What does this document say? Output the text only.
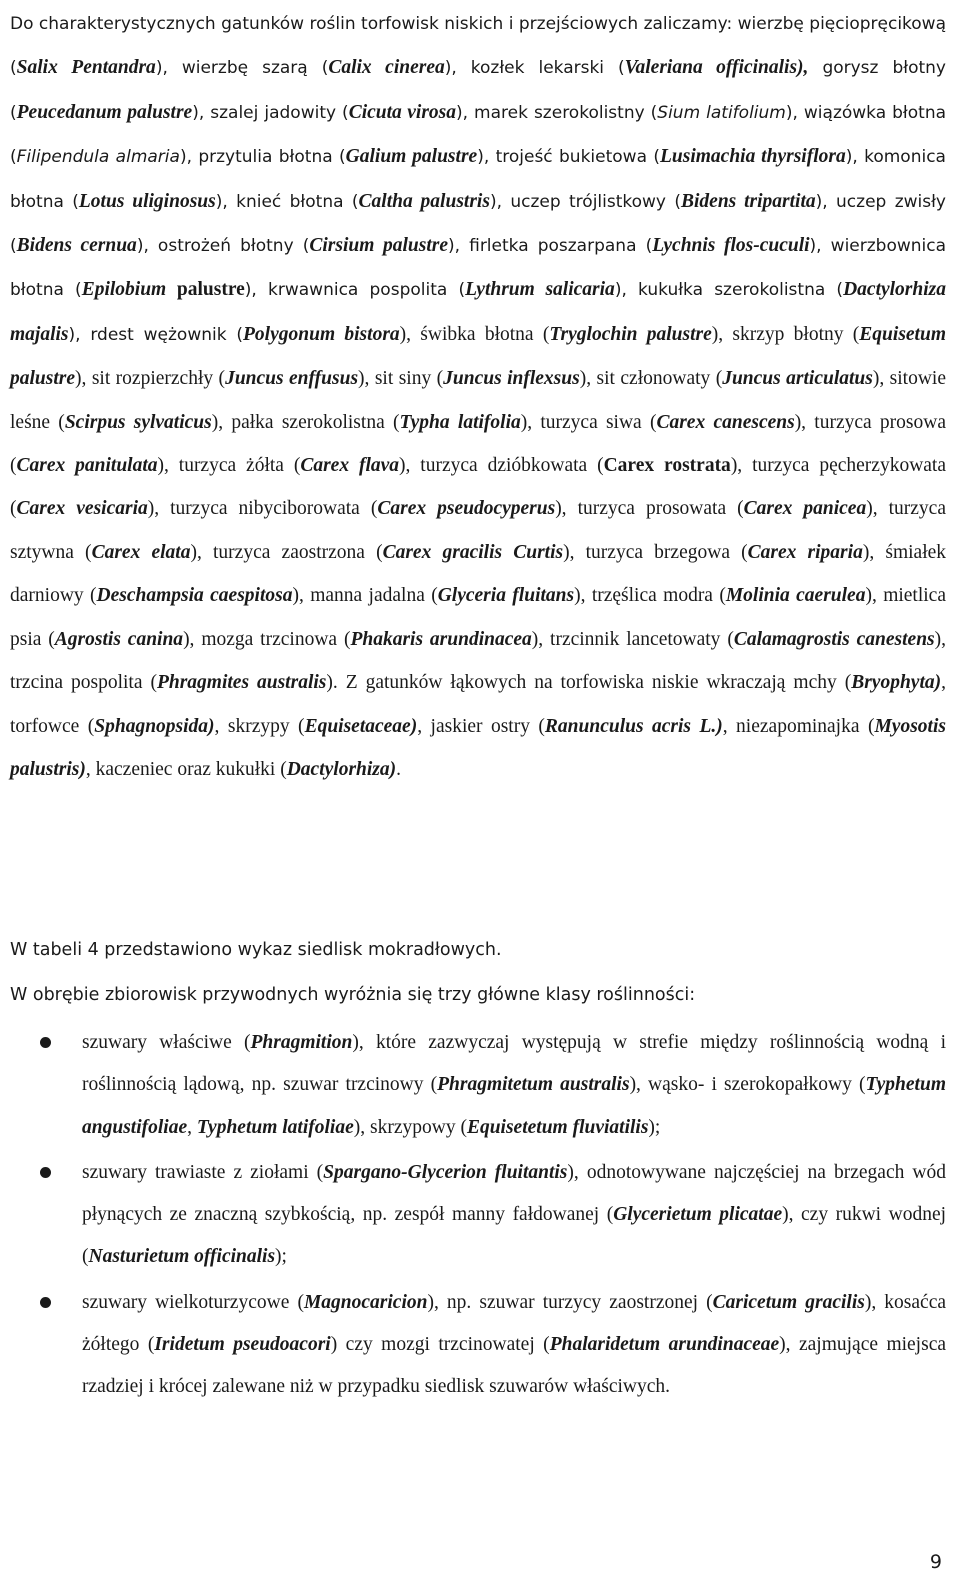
Do charakterystycznych gatunków roślin torfowisk niskich i przejściowych zaliczamy: wierzbę pięciopręcikową (Salix Pentandra), wierzbę szarą (Calix cinerea), kozłek lekarski (Valeriana officinalis), gorysz błotny (Peucedanum palustre), szalej jadowity (Cicuta virosa), marek szerokolistny (Sium latifolium), wiązówka błotna (Filipendula almaria), przytulia błotna (Galium palustre), trojeść bukietowa (Lusimachia thyrsiflora), komonica błotna (Lotus uliginosus), knieć błotna (Caltha palustris), uczep trójlistkowy (Bidens tripartita), uczep zwisły (Bidens cernua), ostrożeń błotny (Cirsium palustre), firletka poszarpana (Lychnis flos-cuculi), wierzbownica błotna (Epilobium palustre), krwawnica pospolita (Lythrum salicaria), kukułka szerokolistna (Dactylorhiza majalis), rdest wężownik (Polygonum bistora), świbka błotna (Tryglochin palustre), skrzyp błotny (Equisetum palustre), sit rozpierzchły (Juncus enffusus), sit siny (Juncus inflexsus), sit członowaty (Juncus articulatus), sitowie leśne (Scirpus sylvaticus), pałka szerokolistna (Typha latifolia), turzyca siwa (Carex canescens), turzyca prosowa (Carex panitulata), turzyca żółta (Carex flava), turzyca dzióbkowata (Carex rostrata), turzyca pęcherzykowata (Carex vesicaria), turzyca nibyciborowata (Carex pseudocyperus), turzyca prosowata (Carex panicea), turzyca sztywna (Carex elata), turzyca zaostrzona (Carex gracilis Curtis), turzyca brzegowa (Carex riparia), śmiałek darniowy (Deschampsia caespitosa), manna jadalna (Glyceria fluitans), trzęślica modra (Molinia caerulea), mietlica psia (Agrostis canina), mozga trzcinowa (Phakaris arundinacea), trzcinnik lancetowaty (Calamagrostis canestens), trzcina pospolita (Phragmites australis). Z gatunków łąkowych na torfowiska niskie wkraczają mchy (Bryophyta), torfowce (Sphagnopsida), skrzypy (Equisetaceae), jaskier ostry (Ranunculus acris L.), niezapominajka (Myosotis palustris), kaczeniec oraz kukułki (Dactylorhiza).

W tabeli 4 przedstawiono wykaz siedlisk mokradłowych.

W obrębie zbiorowisk przywodnych wyróżnia się trzy główne klasy roślinności:

szuwary właściwe (Phragmition), które zazwyczaj występują w strefie między roślinnością wodną i roślinnością lądową, np. szuwar trzcinowy (Phragmitetum australis), wąsko- i szerokopałkowy (Typhetum angustifoliae, Typhetum latifoliae), skrzypowy (Equisetetum fluviatilis);
szuwary trawiaste z ziołami (Spargano-Glycerion fluitantis), odnotowywane najczęściej na brzegach wód płynących ze znaczną szybkością, np. zespół manny fałdowanej (Glycerietum plicatae), czy rukwi wodnej (Nasturietum officinalis);
szuwary wielkoturzycowe (Magnocaricion), np. szuwar turzycy zaostrzonej (Caricetum gracilis), kosaćca żółtego (Iridetum pseudoacori) czy mozgi trzcinowatej (Phalaridetum arundinaceae), zajmujące miejsca rzadziej i krócej zalewane niż w przypadku siedlisk szuwarów właściwych.
9
